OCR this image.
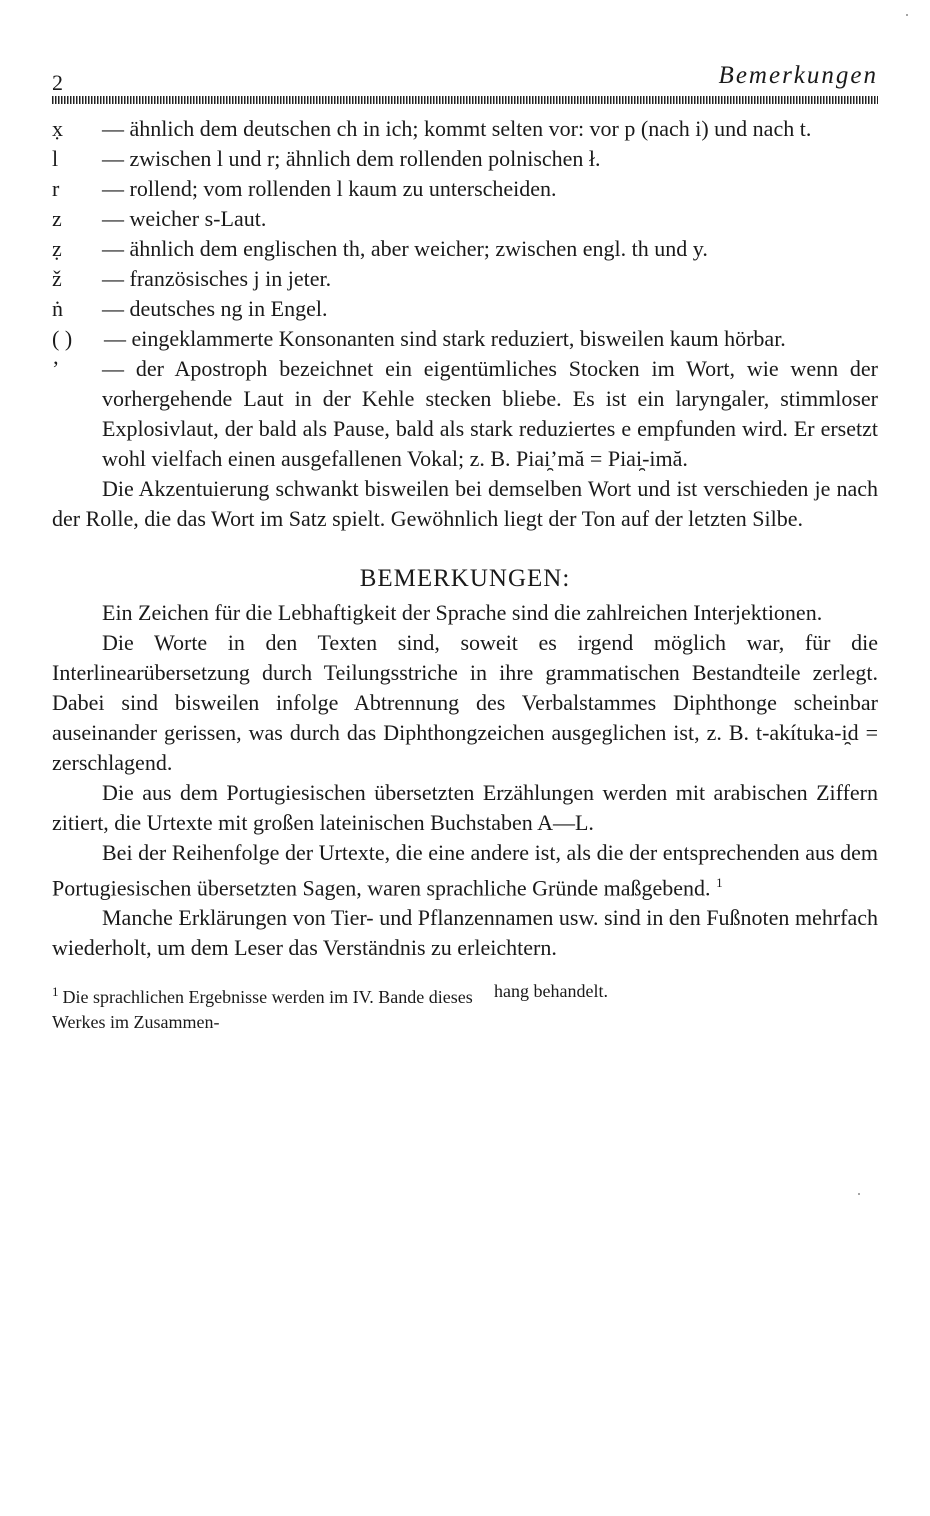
2	Bemerkungen
x̣	— ähnlich dem deutschen ch in ich; kommt selten vor: vor p (nach i) und nach t.
l	— zwischen l und r; ähnlich dem rollenden polnischen ł.
r	— rollend; vom rollenden l kaum zu unterscheiden.
z	— weicher s-Laut.
ẓ	— ähnlich dem englischen th, aber weicher; zwischen engl. th und y.
ž	— französisches j in jeter.
ṅ	— deutsches ng in Engel.
( )	— eingeklammerte Konsonanten sind stark reduziert, bisweilen kaum hörbar.
’	— der Apostroph bezeichnet ein eigentümliches Stocken im Wort, wie wenn der vorhergehende Laut in der Kehle stecken bliebe. Es ist ein laryngaler, stimmloser Explosivlaut, der bald als Pause, bald als stark reduziertes e empfunden wird. Er ersetzt wohl vielfach einen ausgefallenen Vokal; z. B. Piai̯’mă = Piai̯-imă.

Die Akzentuierung schwankt bisweilen bei demselben Wort und ist verschieden je nach der Rolle, die das Wort im Satz spielt. Gewöhnlich liegt der Ton auf der letzten Silbe.

BEMERKUNGEN:

Ein Zeichen für die Lebhaftigkeit der Sprache sind die zahlreichen Interjektionen.

Die Worte in den Texten sind, soweit es irgend möglich war, für die Interlinearübersetzung durch Teilungsstriche in ihre grammatischen Bestandteile zerlegt. Dabei sind bisweilen infolge Abtrennung des Verbalstammes Diphthonge scheinbar auseinander gerissen, was durch das Diphthongzeichen ausgeglichen ist, z. B. t-akítuka-i̯d = zerschlagend.

Die aus dem Portugiesischen übersetzten Erzählungen werden mit arabischen Ziffern zitiert, die Urtexte mit großen lateinischen Buchstaben A—L.

Bei der Reihenfolge der Urtexte, die eine andere ist, als die der entsprechenden aus dem Portugiesischen übersetzten Sagen, waren sprachliche Gründe maßgebend. $^1$

Manche Erklärungen von Tier- und Pflanzennamen usw. sind in den Fußnoten mehrfach wiederholt, um dem Leser das Verständnis zu erleichtern.

$^1$ Die sprachlichen Ergebnisse werden im IV. Bande dieses Werkes im Zusammen-
hang behandelt.
